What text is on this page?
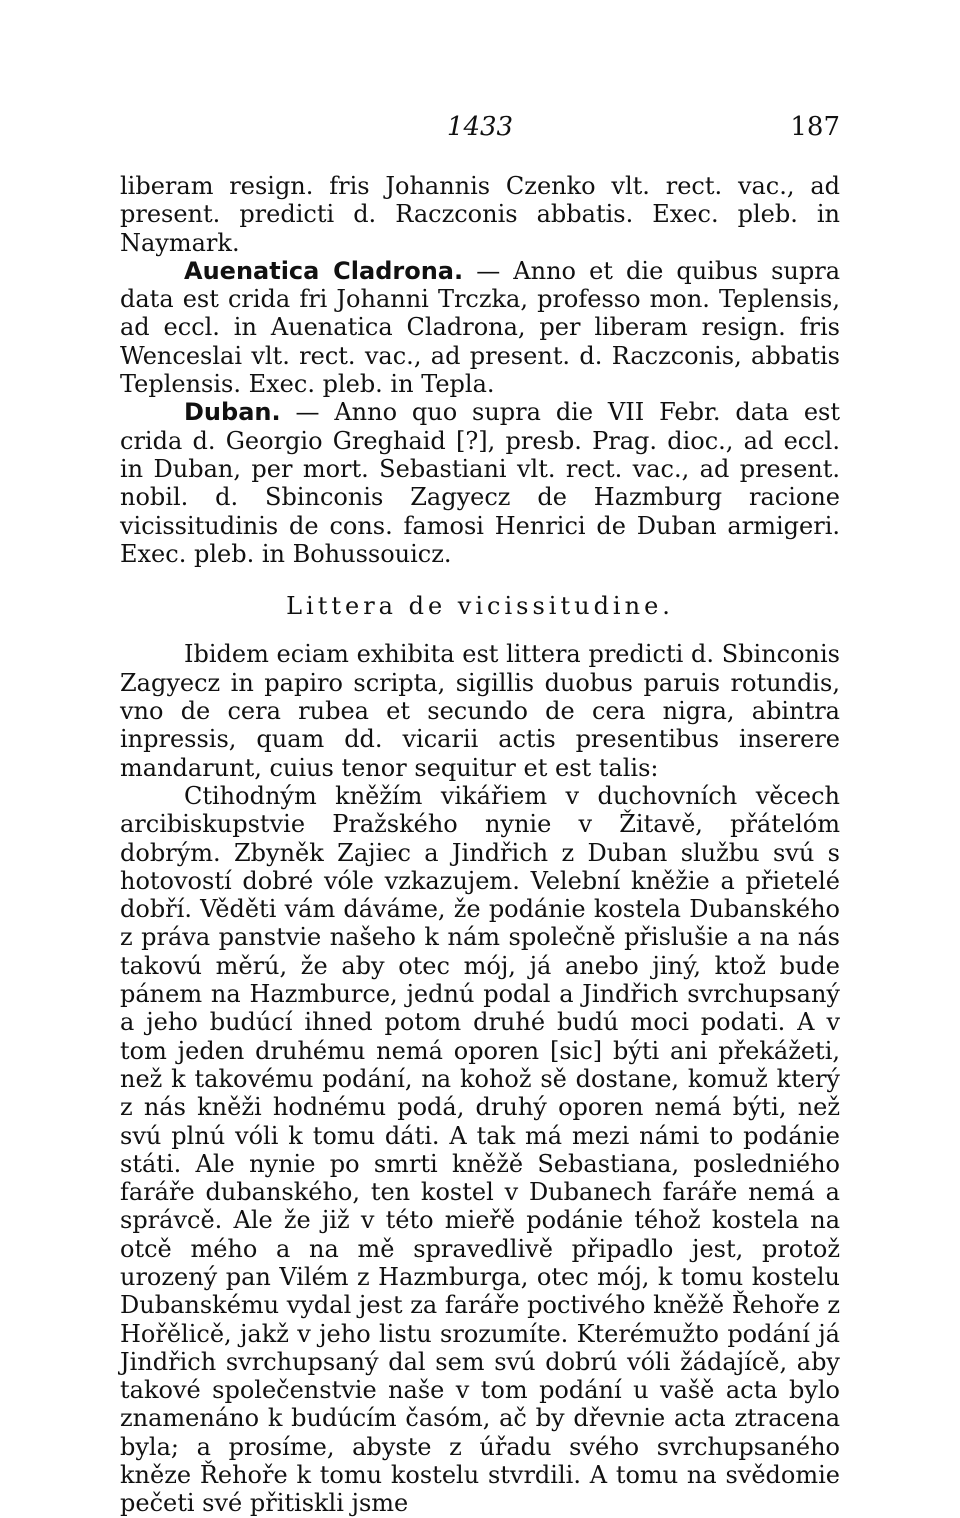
1433	187

liberam resign. fris Johannis Czenko vlt. rect. vac., ad present. predicti d. Raczconis abbatis. Exec. pleb. in Naymark.

Auenatica Cladrona. — Anno et die quibus supra data est crida fri Johanni Trczka, professo mon. Teplensis, ad eccl. in Auenatica Cladrona, per liberam resign. fris Wenceslai vlt. rect. vac., ad present. d. Raczconis, abbatis Teplensis. Exec. pleb. in Tepla.

Duban. — Anno quo supra die VII Febr. data est crida d. Georgio Greghaid [?], presb. Prag. dioc., ad eccl. in Duban, per mort. Sebastiani vlt. rect. vac., ad present. nobil. d. Sbinconis Zagyecz de Hazmburg racione vicissitudinis de cons. famosi Henrici de Duban armigeri. Exec. pleb. in Bohussouicz.

Littera de vicissitudine.

Ibidem eciam exhibita est littera predicti d. Sbinconis Zagyecz in papiro scripta, sigillis duobus paruis rotundis, vno de cera rubea et secundo de cera nigra, abintra inpressis, quam dd. vicarii actis presentibus inserere mandarunt, cuius tenor sequitur et est talis:

Ctihodným kněžím vikářiem v duchovních věcech arcibiskupstvie Pražského nynie v Žitavě, přátelóm dobrým. Zbyněk Zajiec a Jindřich z Duban službu svú s hotovostí dobré vóle vzkazujem. Velební kněžie a přietelé dobří. Věděti vám dáváme, že podánie kostela Dubanského z práva panstvie našeho k nám společně přislušie a na nás takovú měrú, že aby otec mój, já anebo jiný, ktož bude pánem na Hazmburce, jednú podal a Jindřich svrchupsaný a jeho budúcí ihned potom druhé budú moci podati. A v tom jeden druhému nemá oporen [sic] býti ani překážeti, než k takovému podání, na kohož sě dostane, komuž který z nás kněži hodnému podá, druhý oporen nemá býti, než svú plnú vóli k tomu dáti. A tak má mezi námi to podánie státi. Ale nynie po smrti kněžě Sebastiana, posledniého faráře dubanského, ten kostel v Dubanech faráře nemá a správcě. Ale že již v této mieřě podánie téhož kostela na otcě mého a na mě spravedlivě připadlo jest, protož urozený pan Vilém z Hazmburga, otec mój, k tomu kostelu Dubanskému vydal jest za faráře poctivého kněžě Řehoře z Hořělicě, jakž v jeho listu srozumíte. Kterémužto podání já Jindřich svrchupsaný dal sem svú dobrú vóli žádajícě, aby takové společenstvie naše v tom podání u vašě acta bylo znamenáno k budúcím časóm, ač by dřevnie acta ztracena byla; a prosíme, abyste z úřadu svého svrchupsaného kněze Řehoře k tomu kostelu stvrdili. A tomu na svědomie pečeti své přitiskli jsme
